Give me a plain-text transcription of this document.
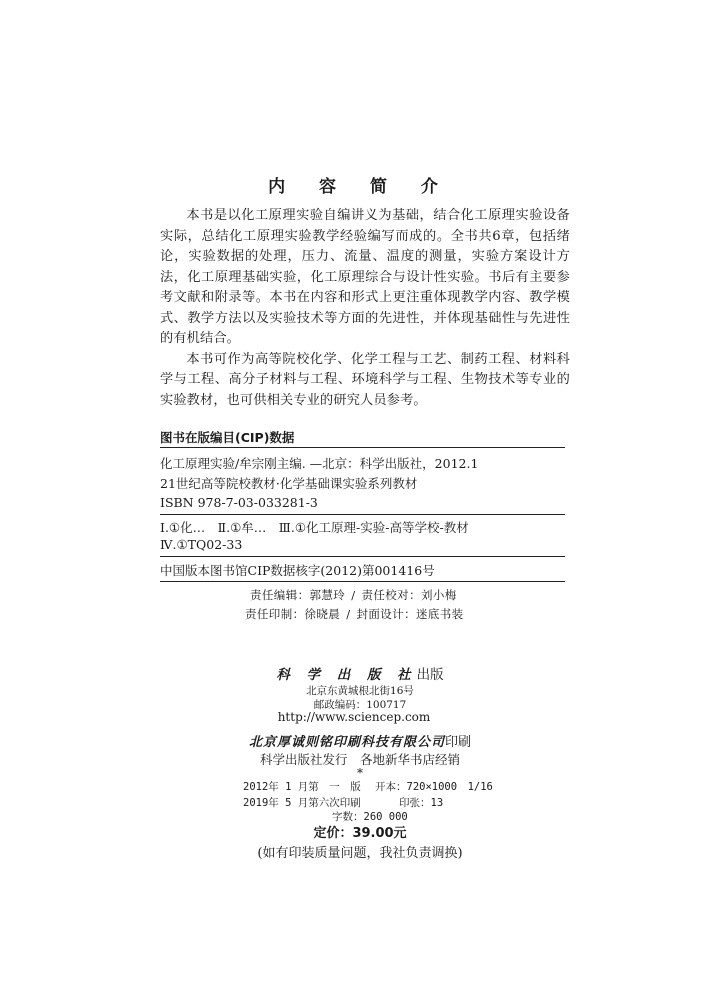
内 容 简 介

本书是以化工原理实验自编讲义为基础，结合化工原理实验设备实际，总结化工原理实验教学经验编写而成的。全书共6章，包括绪论，实验数据的处理，压力、流量、温度的测量，实验方案设计方法，化工原理基础实验，化工原理综合与设计性实验。书后有主要参考文献和附录等。本书在内容和形式上更注重体现教学内容、教学模式、教学方法以及实验技术等方面的先进性，并体现基础性与先进性的有机结合。

本书可作为高等院校化学、化学工程与工艺、制药工程、材料科学与工程、高分子材料与工程、环境科学与工程、生物技术等专业的实验教材，也可供相关专业的研究人员参考。

图书在版编目(CIP)数据
化工原理实验/牟宗刚主编. —北京：科学出版社，2012.1
21世纪高等院校教材·化学基础课实验系列教材
ISBN 978-7-03-033281-3
Ⅰ.①化…　Ⅱ.①牟…　Ⅲ.①化工原理-实验-高等学校-教材
Ⅳ.①TQ02-33
中国版本图书馆CIP数据核字(2012)第001416号
责任编辑：郭慧玲 / 责任校对：刘小梅
责任印制：徐晓晨 / 封面设计：迷底书装
科 学 出 版 社出版
北京东黄城根北街16号
邮政编码：100717
http://www.sciencep.com
北京厚诚则铭印刷科技有限公司印刷
科学出版社发行　各地新华书店经销
*
2012年 1 月第　一　版 开本：720×1000　1/16
2019年 5 月第六次印刷	印张：13
字数：260 000
定价：39.00元
(如有印装质量问题，我社负责调换)
